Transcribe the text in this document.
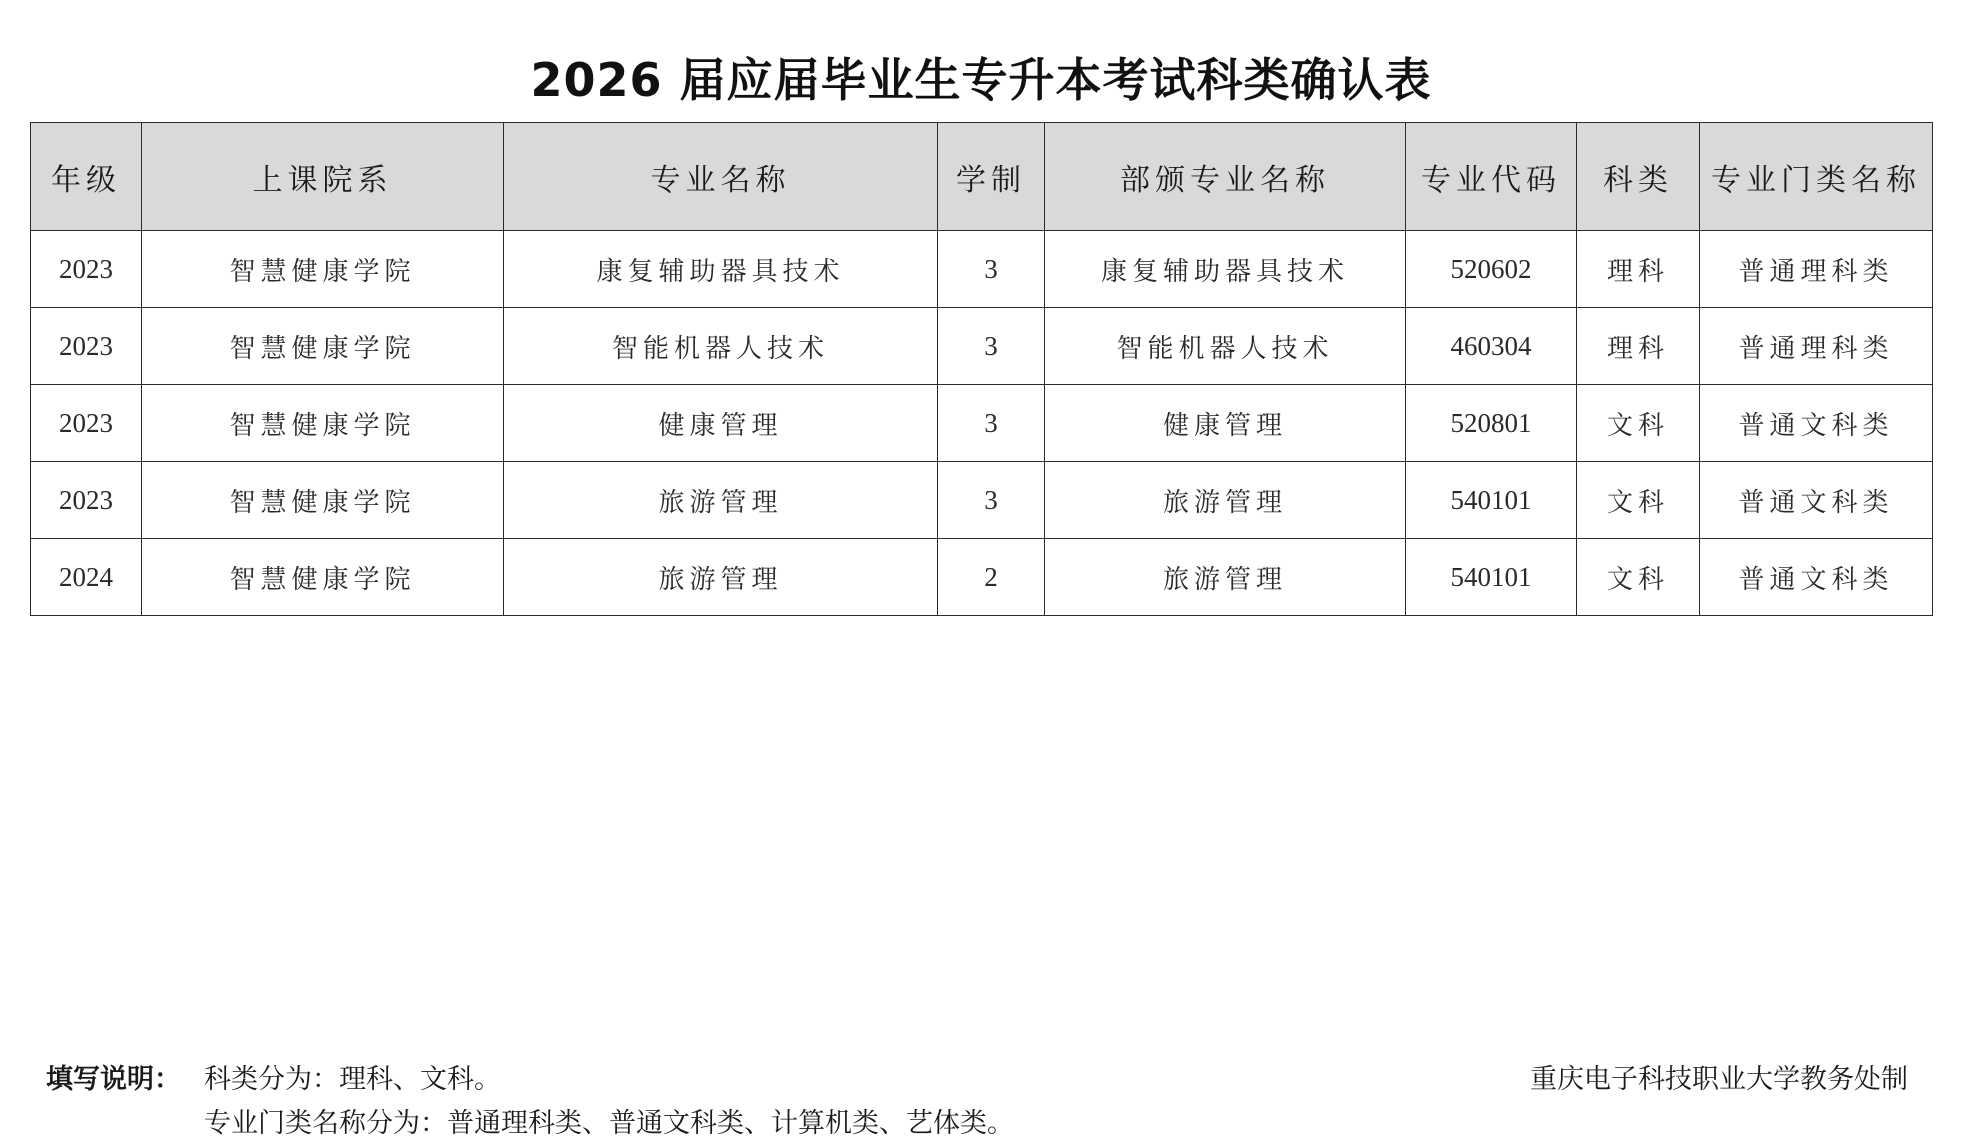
2026 届应届毕业生专升本考试科类确认表
年级	上课院系	专业名称	学制	部颁专业名称	专业代码	科类	专业门类名称
2023	智慧健康学院	康复辅助器具技术	3	康复辅助器具技术	520602	理科	普通理科类
2023	智慧健康学院	智能机器人技术	3	智能机器人技术	460304	理科	普通理科类
2023	智慧健康学院	健康管理	3	健康管理	520801	文科	普通文科类
2023	智慧健康学院	旅游管理	3	旅游管理	540101	文科	普通文科类
2024	智慧健康学院	旅游管理	2	旅游管理	540101	文科	普通文科类
填写说明： 科类分为：理科、文科。
专业门类名称分为：普通理科类、普通文科类、计算机类、艺体类。
重庆电子科技职业大学教务处制
